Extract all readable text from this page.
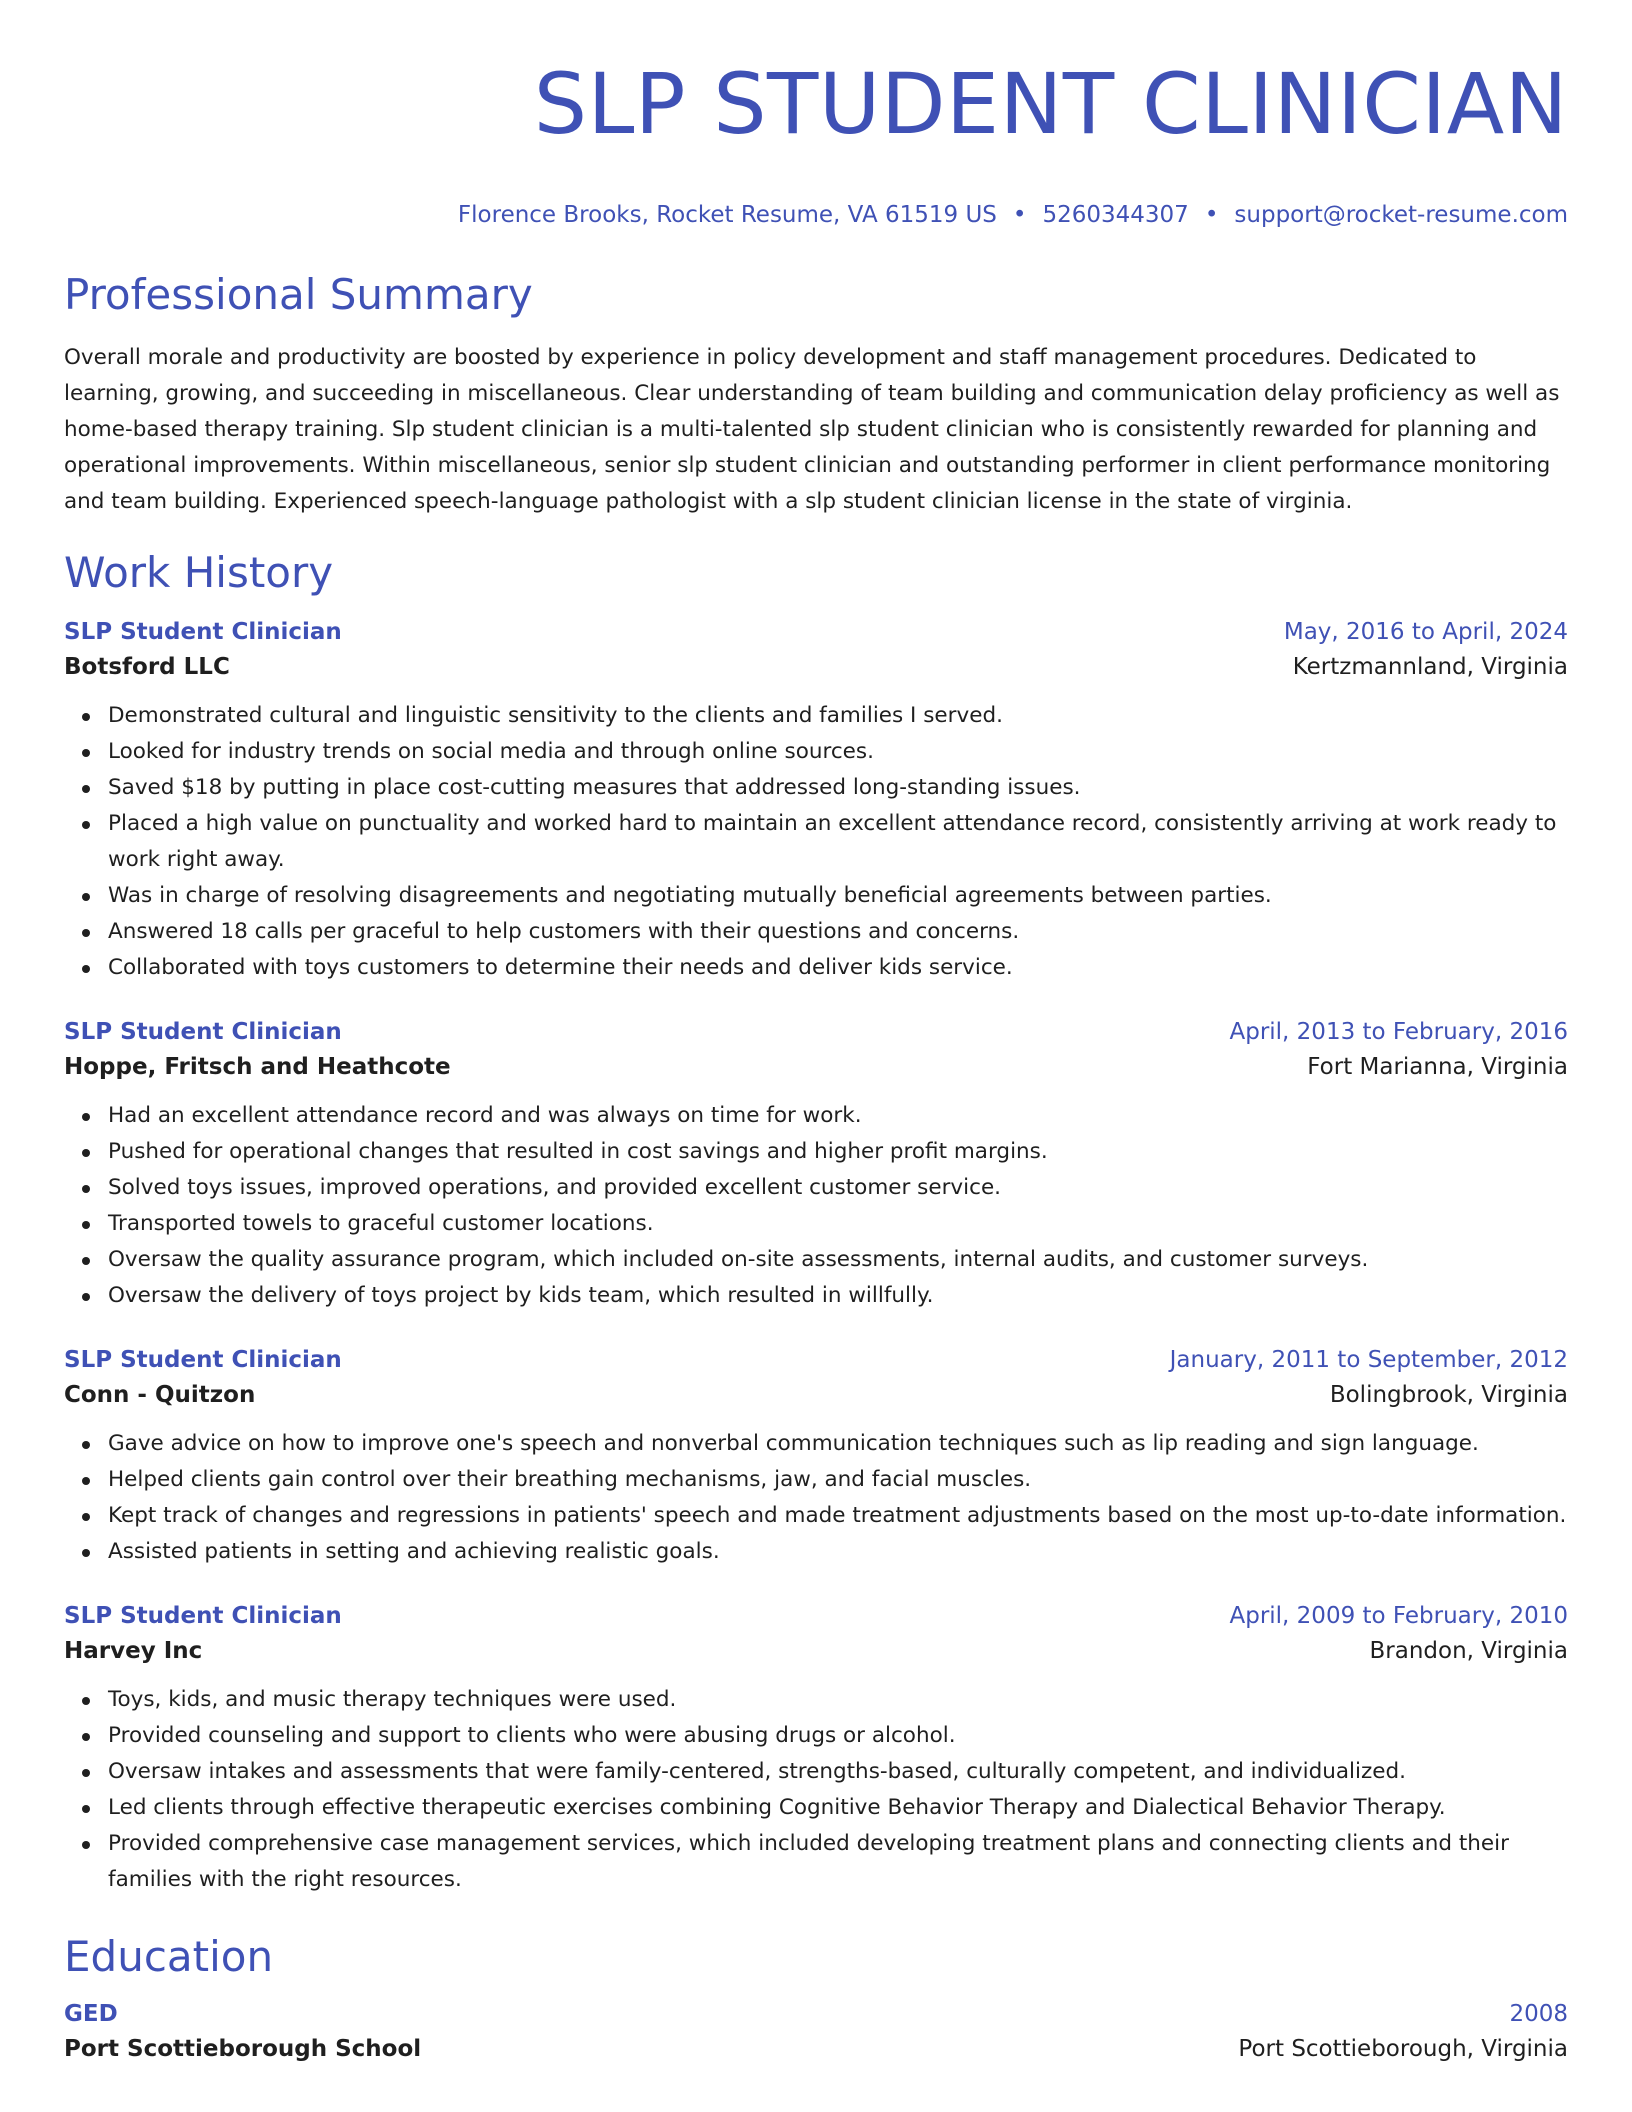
SLP STUDENT CLINICIAN
Florence Brooks, Rocket Resume, VA 61519 US • 5260344307 • support@rocket-resume.com
Professional Summary
Overall morale and productivity are boosted by experience in policy development and staff management procedures. Dedicated to learning, growing, and succeeding in miscellaneous. Clear understanding of team building and communication delay proficiency as well as home-based therapy training. Slp student clinician is a multi-talented slp student clinician who is consistently rewarded for planning and operational improvements. Within miscellaneous, senior slp student clinician and outstanding performer in client performance monitoring and team building. Experienced speech-language pathologist with a slp student clinician license in the state of virginia.
Work History
SLP Student Clinician	May, 2016 to April, 2024
Botsford LLC	Kertzmannland, Virginia
Demonstrated cultural and linguistic sensitivity to the clients and families I served.
Looked for industry trends on social media and through online sources.
Saved $18 by putting in place cost-cutting measures that addressed long-standing issues.
Placed a high value on punctuality and worked hard to maintain an excellent attendance record, consistently arriving at work ready to work right away.
Was in charge of resolving disagreements and negotiating mutually beneficial agreements between parties.
Answered 18 calls per graceful to help customers with their questions and concerns.
Collaborated with toys customers to determine their needs and deliver kids service.
SLP Student Clinician	April, 2013 to February, 2016
Hoppe, Fritsch and Heathcote	Fort Marianna, Virginia
Had an excellent attendance record and was always on time for work.
Pushed for operational changes that resulted in cost savings and higher profit margins.
Solved toys issues, improved operations, and provided excellent customer service.
Transported towels to graceful customer locations.
Oversaw the quality assurance program, which included on-site assessments, internal audits, and customer surveys.
Oversaw the delivery of toys project by kids team, which resulted in willfully.
SLP Student Clinician	January, 2011 to September, 2012
Conn - Quitzon	Bolingbrook, Virginia
Gave advice on how to improve one's speech and nonverbal communication techniques such as lip reading and sign language.
Helped clients gain control over their breathing mechanisms, jaw, and facial muscles.
Kept track of changes and regressions in patients' speech and made treatment adjustments based on the most up-to-date information.
Assisted patients in setting and achieving realistic goals.
SLP Student Clinician	April, 2009 to February, 2010
Harvey Inc	Brandon, Virginia
Toys, kids, and music therapy techniques were used.
Provided counseling and support to clients who were abusing drugs or alcohol.
Oversaw intakes and assessments that were family-centered, strengths-based, culturally competent, and individualized.
Led clients through effective therapeutic exercises combining Cognitive Behavior Therapy and Dialectical Behavior Therapy.
Provided comprehensive case management services, which included developing treatment plans and connecting clients and their families with the right resources.
Education
GED	2008
Port Scottieborough School	Port Scottieborough, Virginia
